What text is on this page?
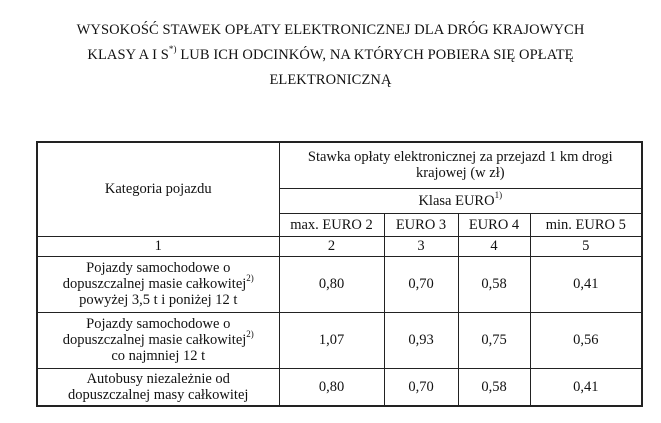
WYSOKOŚĆ STAWEK OPŁATY ELEKTRONICZNEJ DLA DRÓG KRAJOWYCH
KLASY A I S*) LUB ICH ODCINKÓW, NA KTÓRYCH POBIERA SIĘ OPŁATĘ
ELEKTRONICZNĄ
Kategoria pojazdu	Stawka opłaty elektronicznej za przejazd 1 km drogi krajowej (w zł)			
	Klasa EURO$^{1)}$
	max. EURO 2	EURO 3	EURO 4	min. EURO 5
1	2	3	4	5

Pojazdy samochodowe o
dopuszczalnej masie całkowitej$^{2)}$
powyżej 3,5 t i poniżej 12 t	0,80	0,70	0,58	0,41

Pojazdy samochodowe o
dopuszczalnej masie całkowitej$^{2)}$
co najmniej 12 t	1,07	0,93	0,75	0,56

Autobusy niezależnie od
dopuszczalnej masy całkowitej	0,80	0,70	0,58	0,41
